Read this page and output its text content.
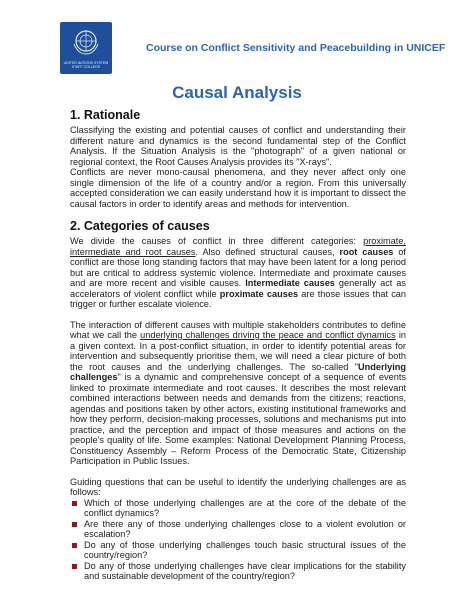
UNITED NATIONS SYSTEM STAFF COLLEGE
Course on Conflict Sensitivity and Peacebuilding in UNICEF
Causal Analysis
1. Rationale

Classifying the existing and potential causes of conflict and understanding their different nature and dynamics is the second fundamental step of the Conflict Analysis. If the Situation Analysis is the "photograph" of a given national or regional context, the Root Causes Analysis provides its "X-rays".

Conflicts are never mono-causal phenomena, and they never affect only one single dimension of the life of a country and/or a region. From this universally accepted consideration we can easily understand how it is important to dissect the causal factors in order to identify areas and methods for intervention.

2. Categories of causes

We divide the causes of conflict in three different categories: proximate, intermediate and root causes. Also defined structural causes, root causes of conflict are those long standing factors that may have been latent for a long period but are critical to address systemic violence. Intermediate and proximate causes and are more recent and visible causes. Intermediate causes generally act as accelerators of violent conflict while proximate causes are those issues that can trigger or further escalate violence.

The interaction of different causes with multiple stakeholders contributes to define what we call the underlying challenges driving the peace and conflict dynamics in a given context. In a post-conflict situation, in order to identify potential areas for intervention and subsequently prioritise them, we will need a clear picture of both the root causes and the underlying challenges. The so-called "Underlying challenges" is a dynamic and comprehensive concept of a sequence of events linked to proximate intermediate and root causes. It describes the most relevant combined interactions between needs and demands from the citizens; reactions, agendas and positions taken by other actors, existing institutional frameworks and how they perform, decision-making processes, solutions and mechanisms put into practice, and the perception and impact of those measures and actions on the people's quality of life. Some examples: National Development Planning Process, Constituency Assembly – Reform Process of the Democratic State, Citizenship Participation in Public Issues.

Guiding questions that can be useful to identify the underlying challenges are as follows:

Which of those underlying challenges are at the core of the debate of the conflict dynamics?
Are there any of those underlying challenges close to a violent evolution or escalation?
Do any of those underlying challenges touch basic structural issues of the country/region?
Do any of those underlying challenges have clear implications for the stability and sustainable development of the country/region?
